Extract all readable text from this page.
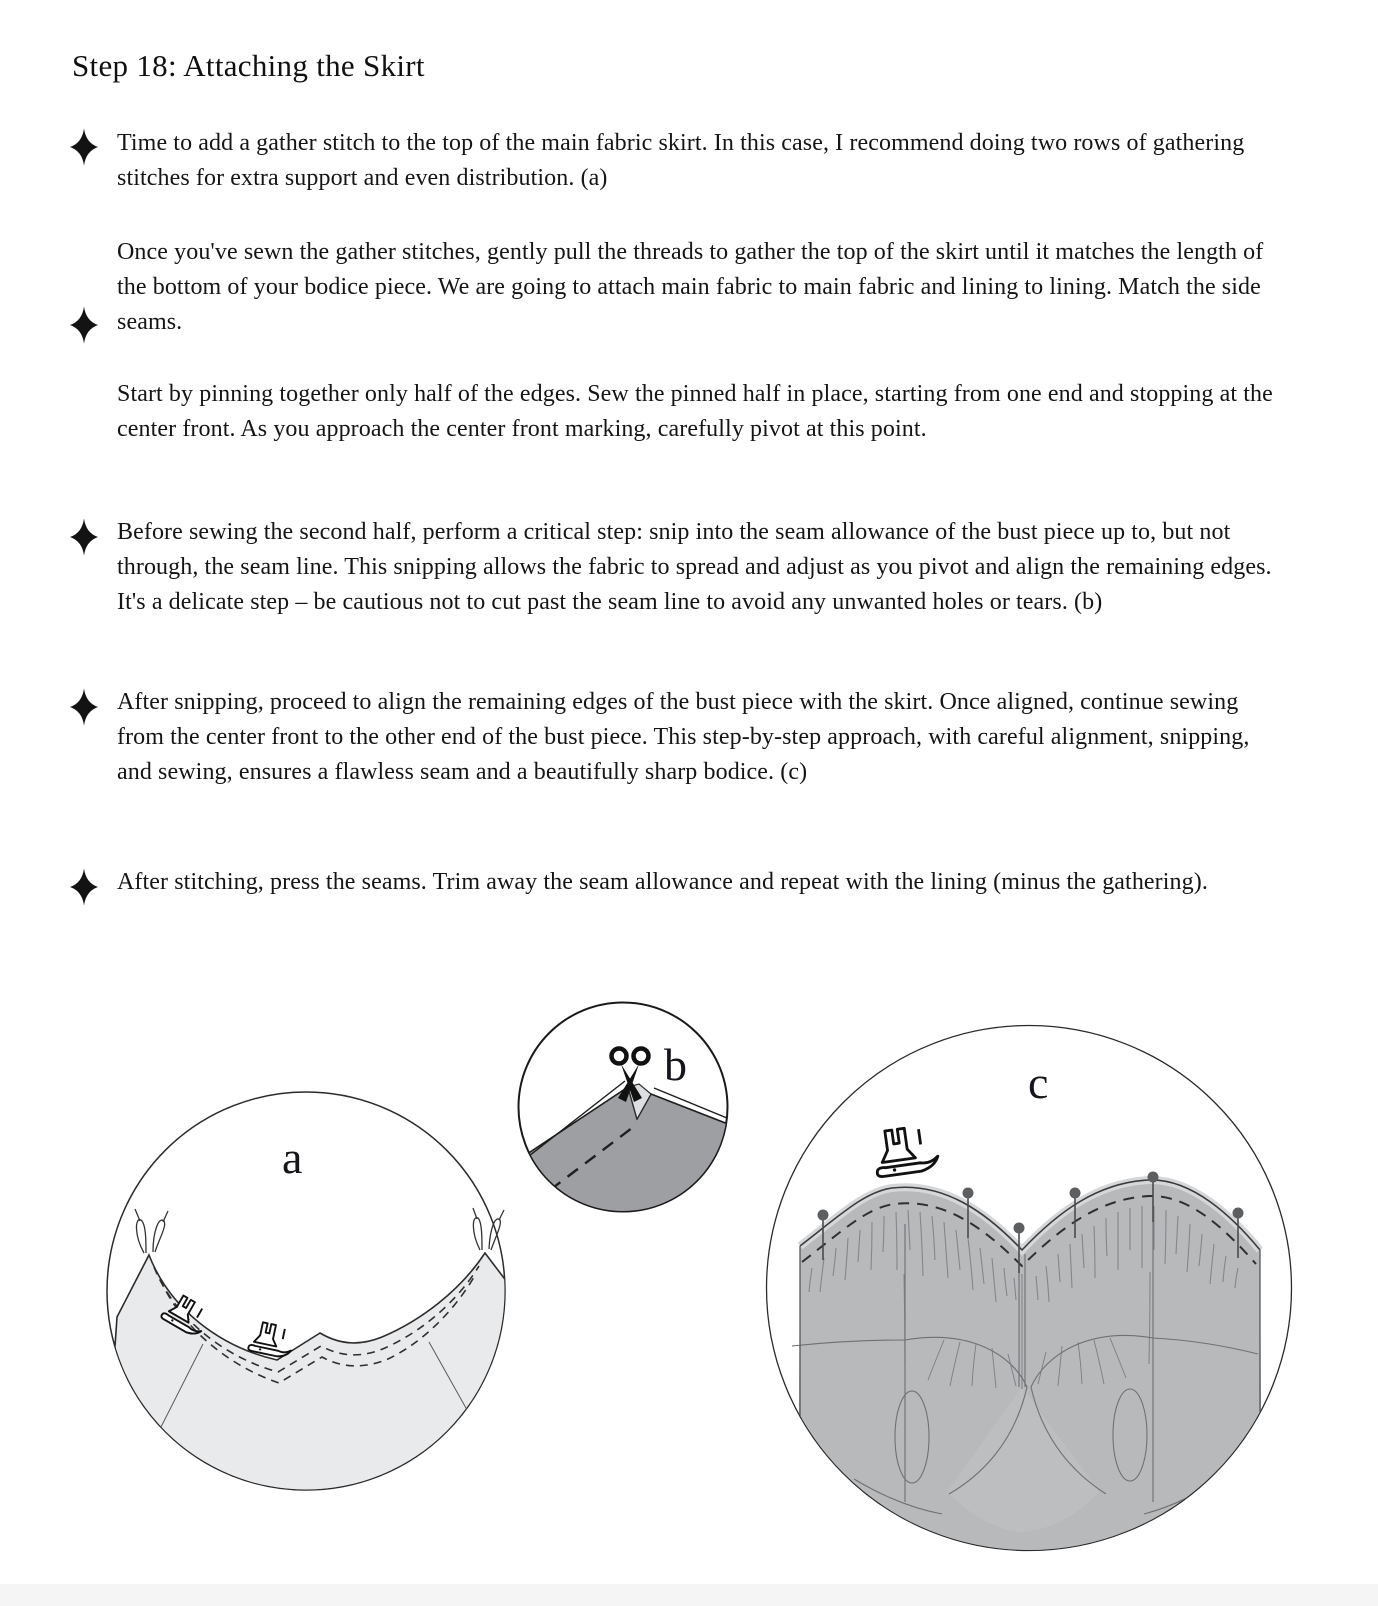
Step 18: Attaching the Skirt
Time to add a gather stitch to the top of the main fabric skirt. In this case, I recommend doing two rows of gathering stitches for extra support and even distribution. (a)
Once you've sewn the gather stitches, gently pull the threads to gather the top of the skirt until it matches the length of the bottom of your bodice piece. We are going to attach main fabric to main fabric and lining to lining. Match the side seams.
Start by pinning together only half of the edges. Sew the pinned half in place, starting from one end and stopping at the center front. As you approach the center front marking, carefully pivot at this point.
Before sewing the second half, perform a critical step: snip into the seam allowance of the bust piece up to, but not through, the seam line. This snipping allows the fabric to spread and adjust as you pivot and align the remaining edges. It's a delicate step – be cautious not to cut past the seam line to avoid any unwanted holes or tears. (b)
After snipping, proceed to align the remaining edges of the bust piece with the skirt. Once aligned, continue sewing from the center front to the other end of the bust piece. This step-by-step approach, with careful alignment, snipping, and sewing, ensures a flawless seam and a beautifully sharp bodice. (c)
After stitching, press the seams. Trim away the seam allowance and repeat with the lining (minus the gathering).
a
b	c
